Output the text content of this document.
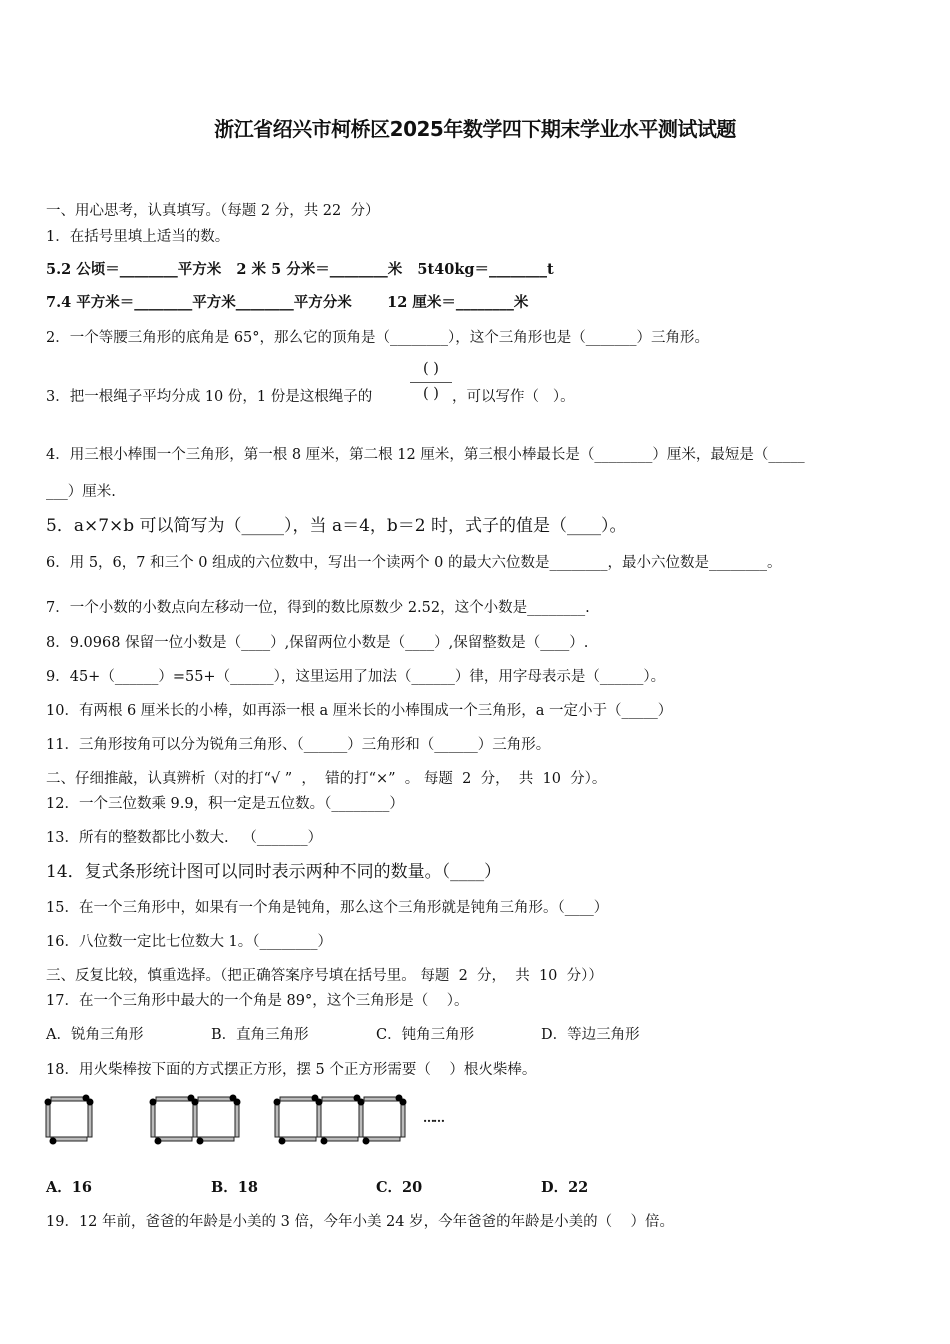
浙江省绍兴市柯桥区2025年数学四下期末学业水平测试试题
一、用心思考，认真填写。（每题 2 分，共 22  分）
1．在括号里填上适当的数。
5.2 公顷＝________平方米   2 米 5 分米＝________米   5t40kg＝________t
7.4 平方米＝________平方米________平方分米       12 厘米＝________米
2．一个等腰三角形的底角是 65°，那么它的顶角是（________），这个三角形也是（_______）三角形。
3．把一根绳子平均分成 10 份，1 份是这根绳子的
( )
( ) ，可以写作（   ）。
4．用三根小棒围一个三角形，第一根 8 厘米，第二根 12 厘米，第三根小棒最长是（________）厘米，最短是（_____
___）厘米.
5．a×7×b 可以简写为（_____），当 a＝4，b＝2 时，式子的值是（____）。
6．用 5，6，7 和三个 0 组成的六位数中，写出一个读两个 0 的最大六位数是________，最小六位数是________。
7．一个小数的小数点向左移动一位，得到的数比原数少 2.52，这个小数是________.
8．9.0968 保留一位小数是（____）,保留两位小数是（____）,保留整数是（____）.
9．45+（______）=55+（______），这里运用了加法（______）律，用字母表示是（______）。
10．有两根 6 厘米长的小棒，如再添一根 a 厘米长的小棒围成一个三角形，a 一定小于（_____）
11．三角形按角可以分为锐角三角形、（______）三角形和（______）三角形。
二、仔细推敲，认真辨析（对的打“√ ”  ，  错的打“×”  。 每题  2  分，  共  10  分）。
12．一个三位数乘 9.9，积一定是五位数。（________）
13．所有的整数都比小数大.   （_______）
14．复式条形统计图可以同时表示两种不同的数量。（____）
15．在一个三角形中，如果有一个角是钝角，那么这个三角形就是钝角三角形。（____）
16．八位数一定比七位数大 1。（________）
三、反复比较，慎重选择。（把正确答案序号填在括号里。 每题  2  分，  共  10  分））
17．在一个三角形中最大的一个角是 89°，这个三角形是（    ）。
A．锐角三角形	B．直角三角形	C．钝角三角形	D．等边三角形
18．用火柴棒按下面的方式摆正方形，摆 5 个正方形需要（    ）根火柴棒。
……
A．16	B．18	C．20	D．22
19．12 年前，爸爸的年龄是小美的 3 倍，今年小美 24 岁，今年爸爸的年龄是小美的（    ）倍。
